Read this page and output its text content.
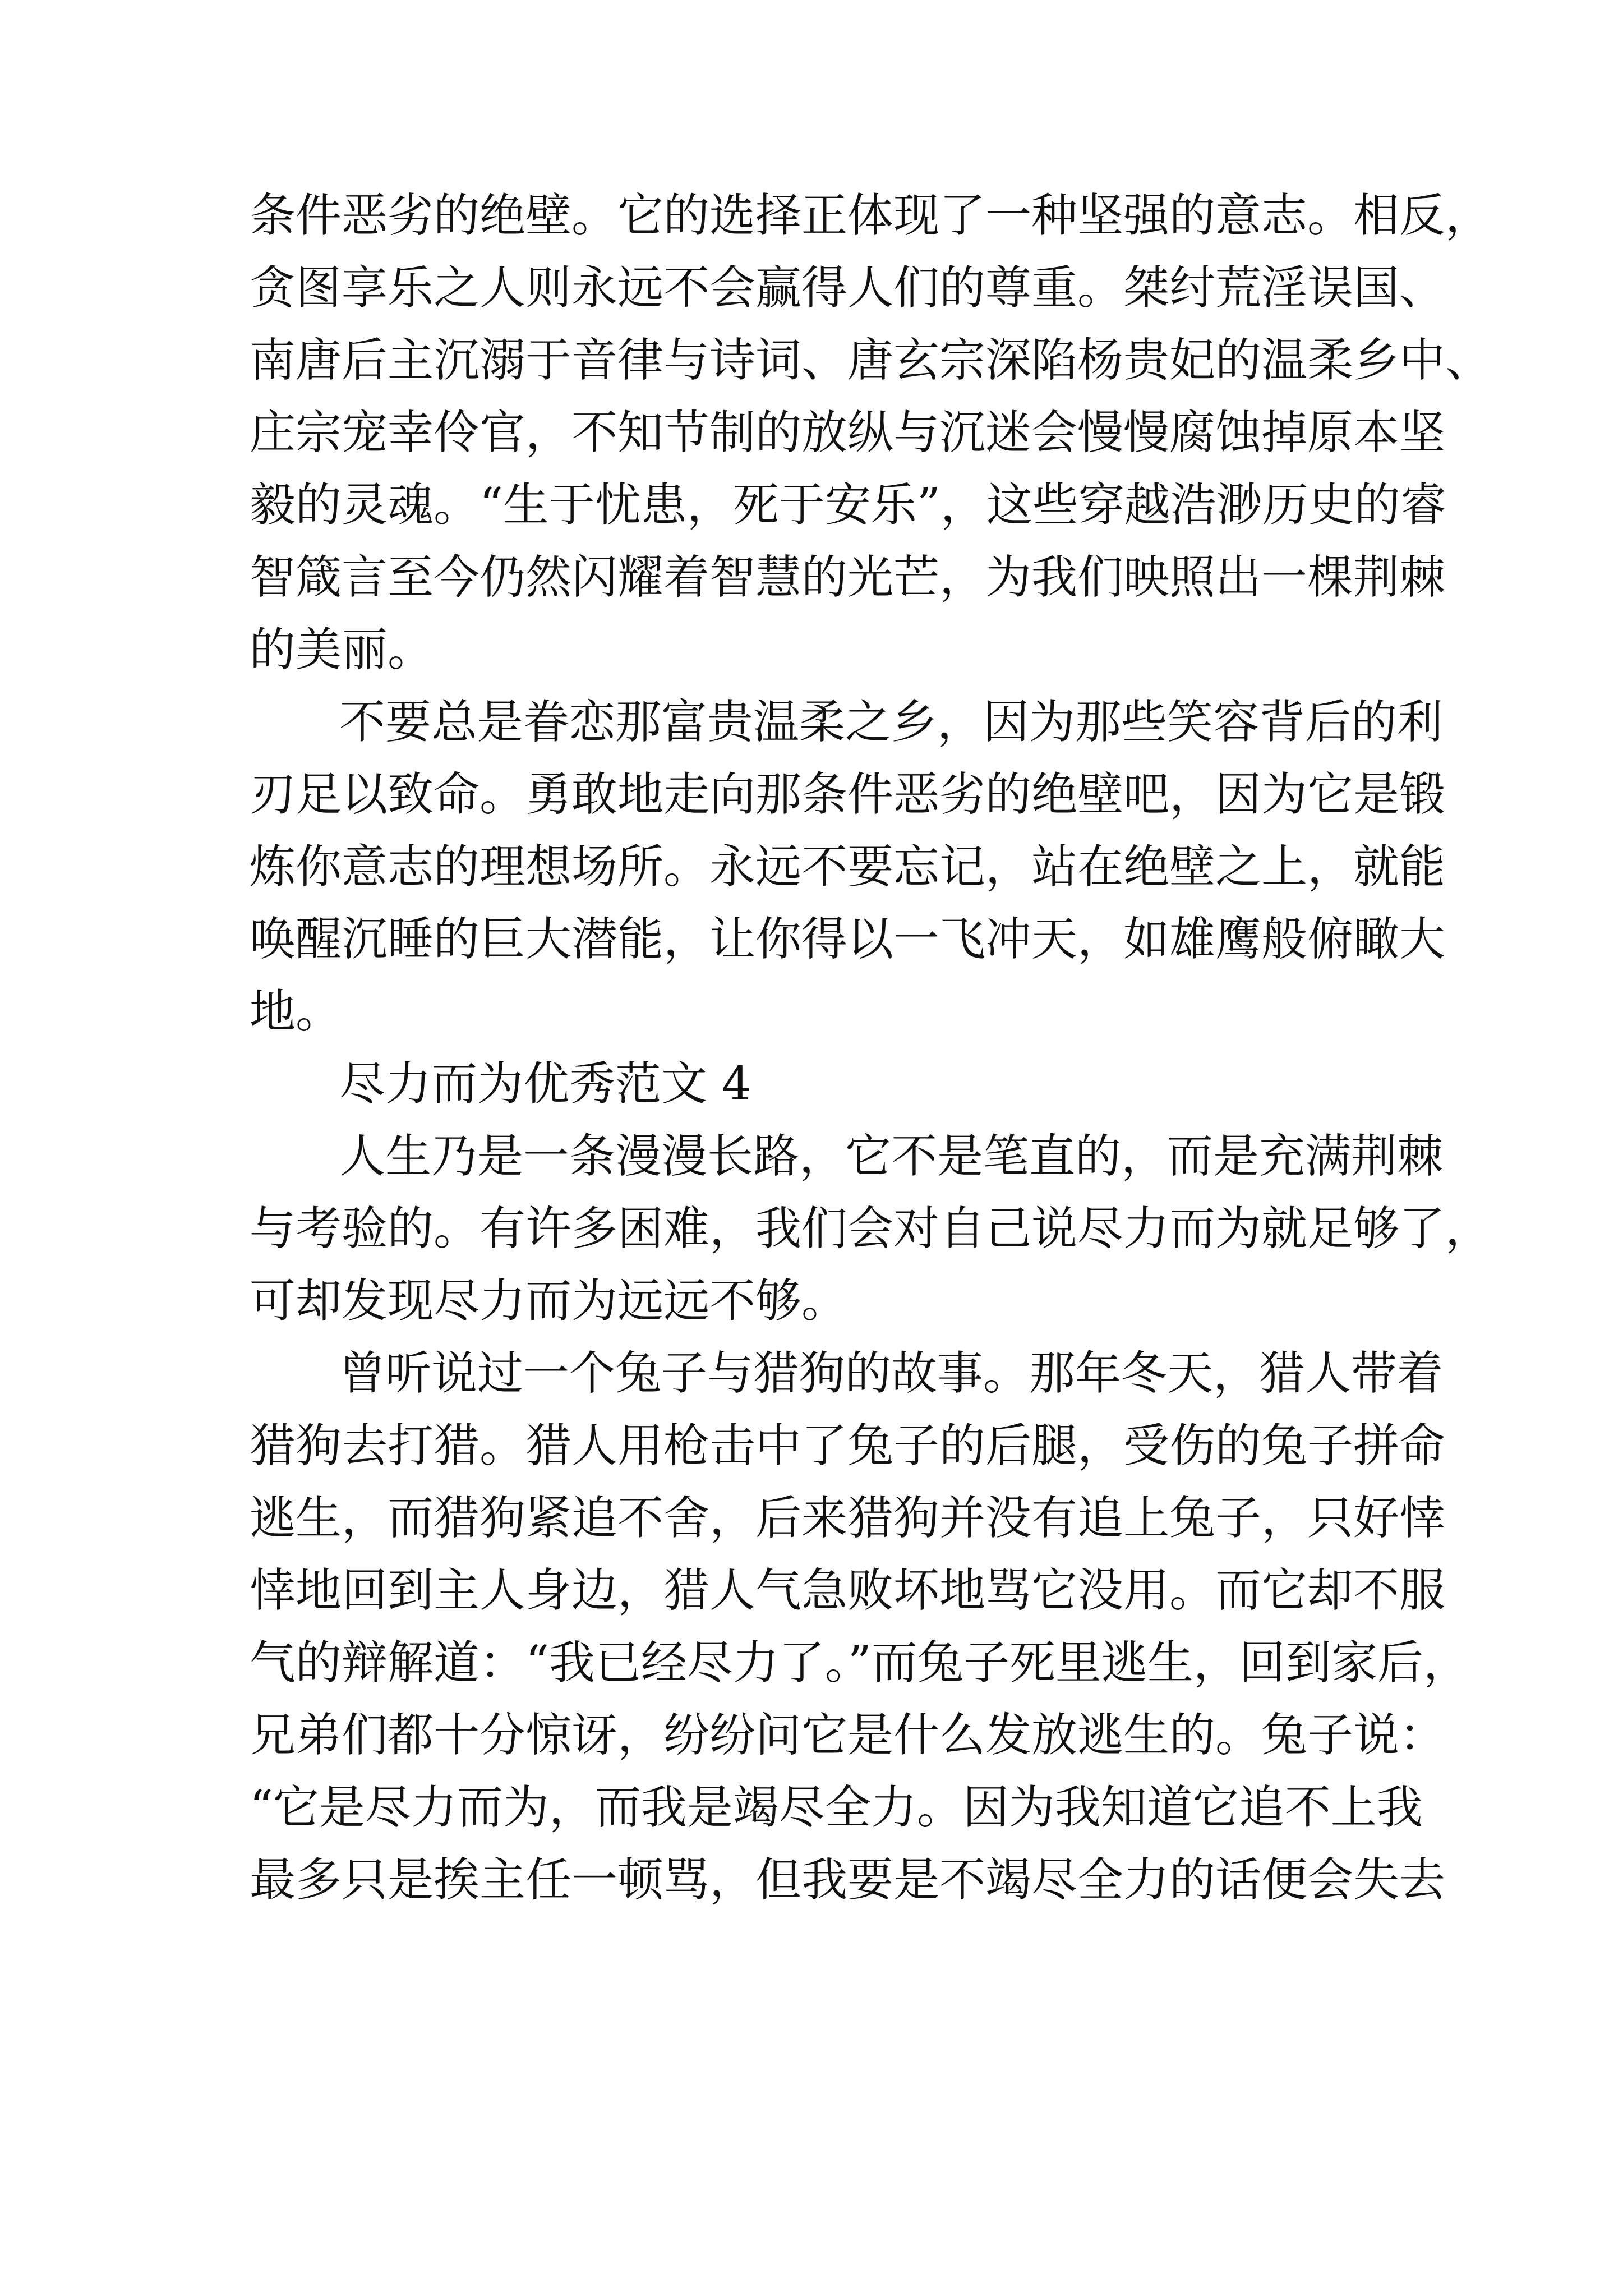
条件恶劣的绝壁。它的选择正体现了一种坚强的意志。相反，
贪图享乐之人则永远不会赢得人们的尊重。桀纣荒淫误国、
南唐后主沉溺于音律与诗词、唐玄宗深陷杨贵妃的温柔乡中、
庄宗宠幸伶官，不知节制的放纵与沉迷会慢慢腐蚀掉原本坚
毅的灵魂。“生于忧患，死于安乐”，这些穿越浩渺历史的睿
智箴言至今仍然闪耀着智慧的光芒，为我们映照出一棵荆棘
的美丽。
不要总是眷恋那富贵温柔之乡，因为那些笑容背后的利
刃足以致命。勇敢地走向那条件恶劣的绝壁吧，因为它是锻
炼你意志的理想场所。永远不要忘记，站在绝壁之上，就能
唤醒沉睡的巨大潜能，让你得以一飞冲天，如雄鹰般俯瞰大
地。
尽力而为优秀范文 4
人生乃是一条漫漫长路，它不是笔直的，而是充满荆棘
与考验的。有许多困难，我们会对自己说尽力而为就足够了，
可却发现尽力而为远远不够。
曾听说过一个兔子与猎狗的故事。那年冬天，猎人带着
猎狗去打猎。猎人用枪击中了兔子的后腿，受伤的兔子拼命
逃生，而猎狗紧追不舍，后来猎狗并没有追上兔子，只好悻
悻地回到主人身边，猎人气急败坏地骂它没用。而它却不服
气的辩解道：“我已经尽力了。”而兔子死里逃生，回到家后，
兄弟们都十分惊讶，纷纷问它是什么发放逃生的。兔子说：
“它是尽力而为，而我是竭尽全力。因为我知道它追不上我
最多只是挨主任一顿骂，但我要是不竭尽全力的话便会失去
